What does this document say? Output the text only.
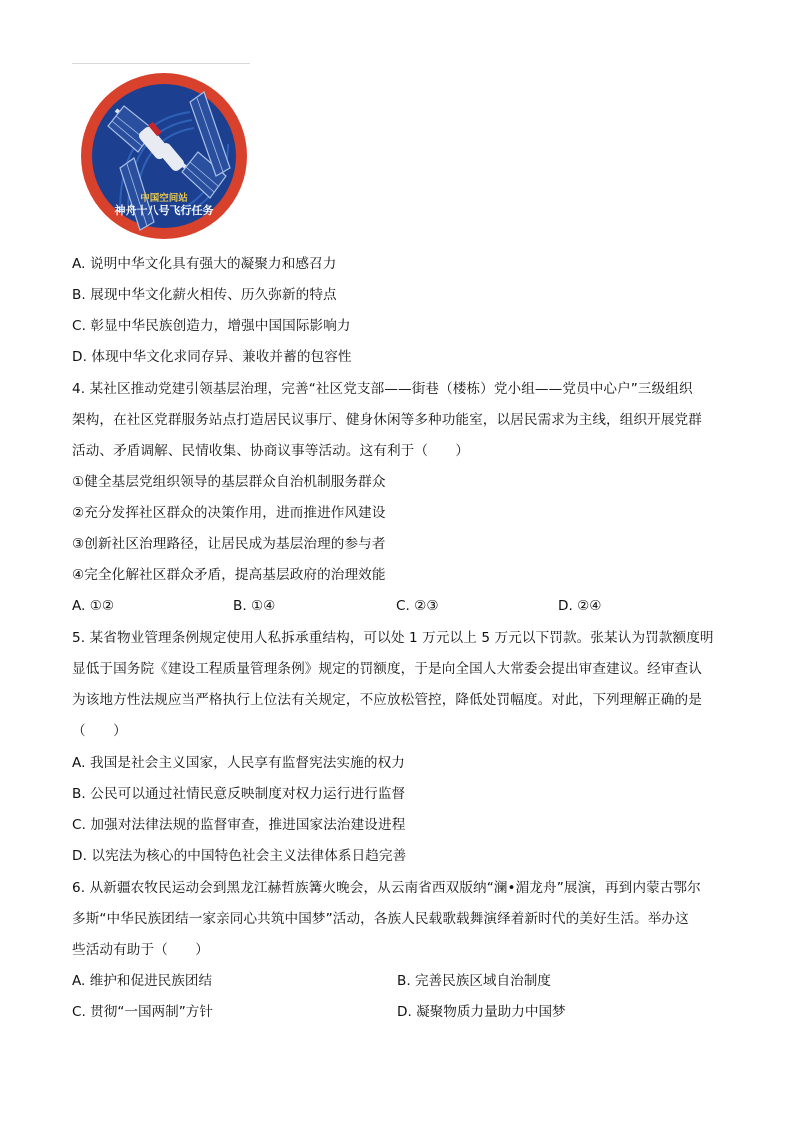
中国空间站
神舟十八号飞行任务
A. 说明中华文化具有强大的凝聚力和感召力
B. 展现中华文化薪火相传、历久弥新的特点
C. 彰显中华民族创造力，增强中国国际影响力
D. 体现中华文化求同存异、兼收并蓄的包容性
4. 某社区推动党建引领基层治理，完善“社区党支部——街巷（楼栋）党小组——党员中心户”三级组织
架构，在社区党群服务站点打造居民议事厅、健身休闲等多种功能室，以居民需求为主线，组织开展党群
活动、矛盾调解、民情收集、协商议事等活动。这有利于（　　）
①健全基层党组织领导的基层群众自治机制服务群众
②充分发挥社区群众的决策作用，进而推进作风建设
③创新社区治理路径，让居民成为基层治理的参与者
④完全化解社区群众矛盾，提高基层政府的治理效能
A. ①②	B. ①④	C. ②③	D. ②④
5. 某省物业管理条例规定使用人私拆承重结构，可以处 1 万元以上 5 万元以下罚款。张某认为罚款额度明
显低于国务院《建设工程质量管理条例》规定的罚额度，于是向全国人大常委会提出审查建议。经审查认
为该地方性法规应当严格执行上位法有关规定，不应放松管控，降低处罚幅度。对此，下列理解正确的是
（　　）
A. 我国是社会主义国家，人民享有监督宪法实施的权力
B. 公民可以通过社情民意反映制度对权力运行进行监督
C. 加强对法律法规的监督审查，推进国家法治建设进程
D. 以宪法为核心的中国特色社会主义法律体系日趋完善
6. 从新疆农牧民运动会到黑龙江赫哲族篝火晚会，从云南省西双版纳“澜•湄龙舟”展演，再到内蒙古鄂尔
多斯“中华民族团结一家亲同心共筑中国梦”活动，各族人民载歌载舞演绎着新时代的美好生活。举办这
些活动有助于（　　）
A. 维护和促进民族团结	B. 完善民族区域自治制度
C. 贯彻“一国两制”方针	D. 凝聚物质力量助力中国梦
